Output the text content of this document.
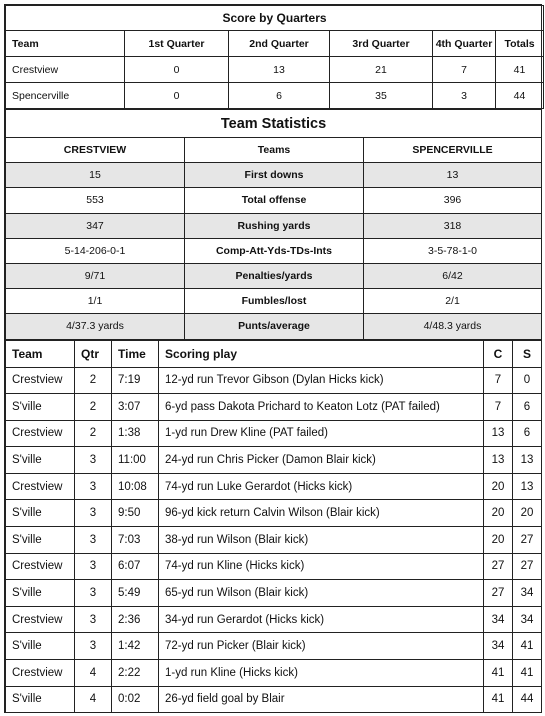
Score by Quarters					
Team	1st Quarter	2nd Quarter	3rd Quarter	4th Quarter	Totals
Crestview	0	13	21	7	41
Spencerville	0	6	35	3	44
Team Statistics		
CRESTVIEW	Teams	SPENCERVILLE
15	First downs	13
553	Total offense	396
347	Rushing yards	318
5-14-206-0-1	Comp-Att-Yds-TDs-Ints	3-5-78-1-0
9/71	Penalties/yards	6/42
1/1	Fumbles/lost	2/1
4/37.3 yards	Punts/average	4/48.3 yards
Team	Qtr	Time	Scoring play	C	S
Crestview	2	7:19	12-yd run Trevor Gibson (Dylan Hicks kick)	7	0
S'ville	2	3:07	6-yd pass Dakota Prichard to Keaton Lotz (PAT failed)	7	6
Crestview	2	1:38	1-yd run Drew Kline (PAT failed)	13	6
S'ville	3	11:00	24-yd run Chris Picker (Damon Blair kick)	13	13
Crestview	3	10:08	74-yd run Luke Gerardot (Hicks kick)	20	13
S'ville	3	9:50	96-yd kick return Calvin Wilson (Blair kick)	20	20
S'ville	3	7:03	38-yd run Wilson (Blair kick)	20	27
Crestview	3	6:07	74-yd run Kline (Hicks kick)	27	27
S'ville	3	5:49	65-yd run Wilson (Blair kick)	27	34
Crestview	3	2:36	34-yd run Gerardot (Hicks kick)	34	34
S'ville	3	1:42	72-yd run Picker (Blair kick)	34	41
Crestview	4	2:22	1-yd run Kline (Hicks kick)	41	41
S'ville	4	0:02	26-yd field goal by Blair	41	44
